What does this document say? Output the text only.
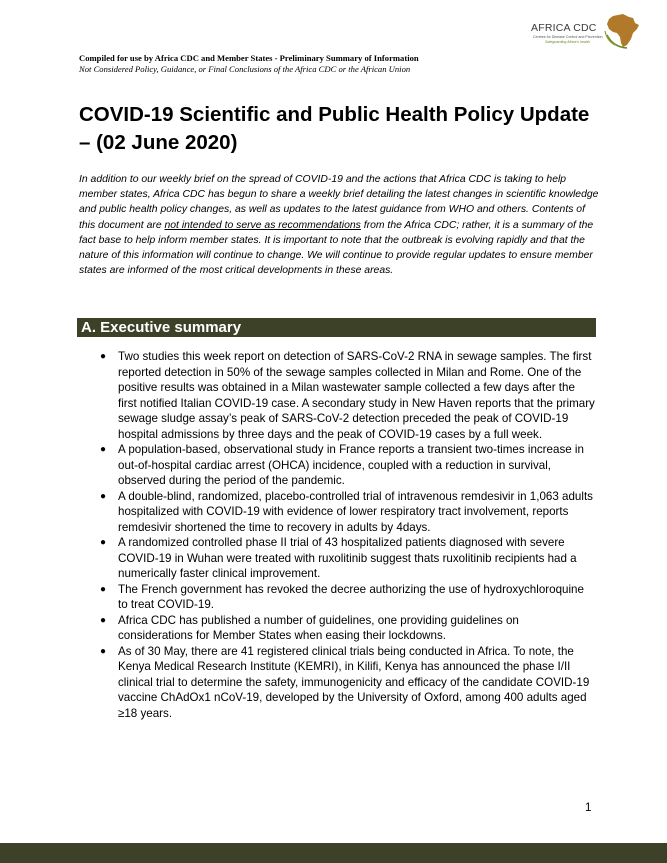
AFRICA CDC
Centres for Disease Control and Prevention
Safeguarding Africa's health
Compiled for use by Africa CDC and Member States - Preliminary Summary of Information
Not Considered Policy, Guidance, or Final Conclusions of the Africa CDC or the African Union
COVID-19 Scientific and Public Health Policy Update – (02 June 2020)

In addition to our weekly brief on the spread of COVID-19 and the actions that Africa CDC is taking to help member states, Africa CDC has begun to share a weekly brief detailing the latest changes in scientific knowledge and public health policy changes, as well as updates to the latest guidance from WHO and others. Contents of this document are not intended to serve as recommendations from the Africa CDC; rather, it is a summary of the fact base to help inform member states. It is important to note that the outbreak is evolving rapidly and that the nature of this information will continue to change. We will continue to provide regular updates to ensure member states are informed of the most critical developments in these areas.

A. Executive summary
● Two studies this week report on detection of SARS-CoV-2 RNA in sewage samples. The first reported detection in 50% of the sewage samples collected in Milan and Rome. One of the positive results was obtained in a Milan wastewater sample collected a few days after the first notified Italian COVID-19 case. A secondary study in New Haven reports that the primary sewage sludge assay’s peak of SARS-CoV-2 detection preceded the peak of COVID-19 hospital admissions by three days and the peak of COVID-19 cases by a full week.
● A population-based, observational study in France reports a transient two-times increase in out-of-hospital cardiac arrest (OHCA) incidence, coupled with a reduction in survival, observed during the period of the pandemic.
● A double-blind, randomized, placebo-controlled trial of intravenous remdesivir in 1,063 adults hospitalized with COVID-19 with evidence of lower respiratory tract involvement, reports remdesivir shortened the time to recovery in adults by 4days.
● A randomized controlled phase II trial of 43 hospitalized patients diagnosed with severe COVID-19 in Wuhan were treated with ruxolitinib suggest thats ruxolitinib recipients had a numerically faster clinical improvement.
● The French government has revoked the decree authorizing the use of hydroxychloroquine to treat COVID-19.
● Africa CDC has published a number of guidelines, one providing guidelines on considerations for Member States when easing their lockdowns.
● As of 30 May, there are 41 registered clinical trials being conducted in Africa. To note, the Kenya Medical Research Institute (KEMRI), in Kilifi, Kenya has announced the phase I/II clinical trial to determine the safety, immunogenicity and efficacy of the candidate COVID-19 vaccine ChAdOx1 nCoV-19, developed by the University of Oxford, among 400 adults aged ≥18 years.
1
